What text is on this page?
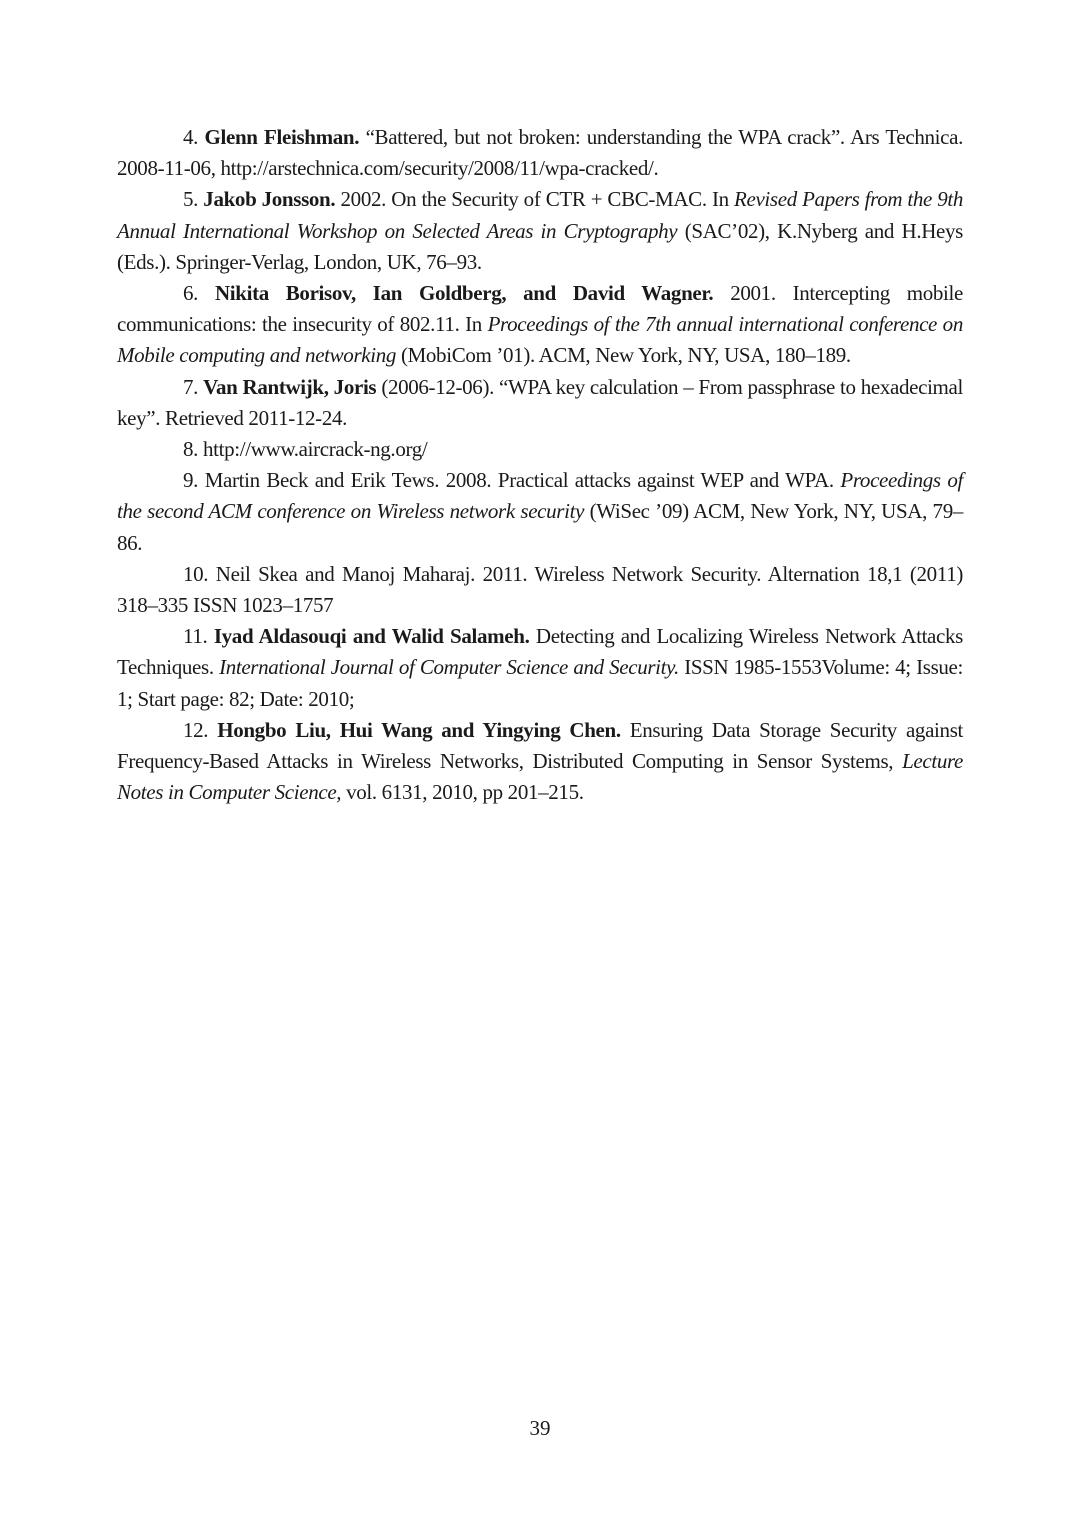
4. Glenn Fleishman. “Battered, but not broken: understanding the WPA crack”. Ars Technica. 2008-11-06, http://arstechnica.com/security/2008/11/wpa-cracked/.

5. Jakob Jonsson. 2002. On the Security of CTR + CBC-MAC. In Revised Papers from the 9th Annual International Workshop on Selected Areas in Cryptography (SAC’02), K.Nyberg and H.Heys (Eds.). Springer-Verlag, London, UK, 76–93.

6. Nikita Borisov, Ian Goldberg, and David Wagner. 2001. Intercepting mobile communications: the insecurity of 802.11. In Proceedings of the 7th annual international conference on Mobile computing and networking (MobiCom ’01). ACM, New York, NY, USA, 180–189.

7. Van Rantwijk, Joris (2006-12-06). “WPA key calculation – From passphrase to hexadecimal key”. Retrieved 2011-12-24.

8. http://www.aircrack-ng.org/

9. Martin Beck and Erik Tews. 2008. Practical attacks against WEP and WPA. Proceedings of the second ACM conference on Wireless network security (WiSec ’09) ACM, New York, NY, USA, 79–86.

10. Neil Skea and Manoj Maharaj. 2011. Wireless Network Security. Alternation 18,1 (2011) 318–335 ISSN 1023–1757

11. Iyad Aldasouqi and Walid Salameh. Detecting and Localizing Wireless Network Attacks Techniques. International Journal of Computer Science and Security. ISSN 1985-1553Volume: 4; Issue: 1; Start page: 82; Date: 2010;

12. Hongbo Liu, Hui Wang and Yingying Chen. Ensuring Data Storage Security against Frequency-Based Attacks in Wireless Networks, Distributed Computing in Sensor Systems, Lecture Notes in Computer Science, vol. 6131, 2010, pp 201–215.

39
